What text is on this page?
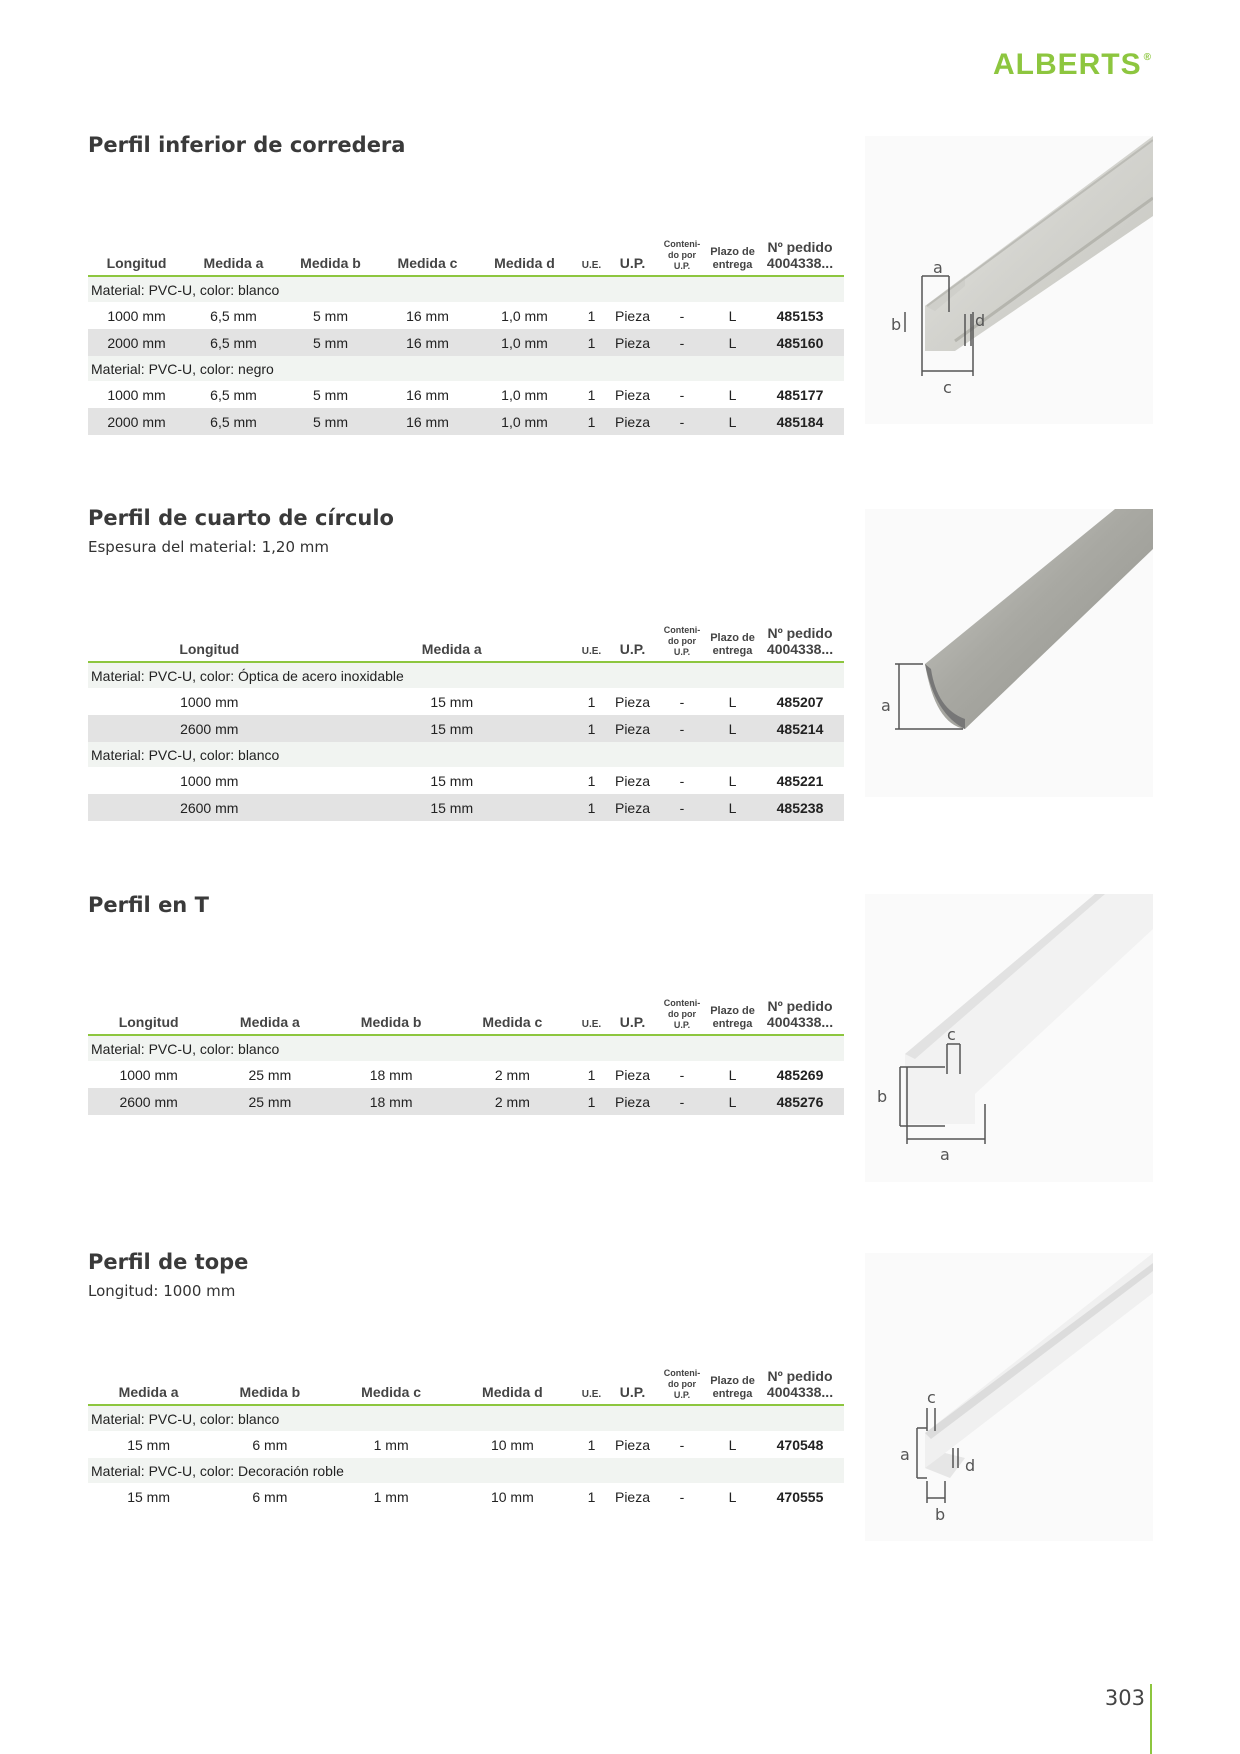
ALBERTS ®
Perfil inferior de corredera
Longitud	Medida a	Medida b	Medida c	Medida d	U.E.	U.P.	Conteni-
do por
U.P.	Plazo de
entrega	Nº pedido
4004338...

Material: PVC-U, color: blanco									
1000 mm	6,5 mm	5 mm	16 mm	1,0 mm	1	Pieza	-	L	485153
2000 mm	6,5 mm	5 mm	16 mm	1,0 mm	1	Pieza	-	L	485160
Material: PVC-U, color: negro									
1000 mm	6,5 mm	5 mm	16 mm	1,0 mm	1	Pieza	-	L	485177
2000 mm	6,5 mm	5 mm	16 mm	1,0 mm	1	Pieza	-	L	485184
a
b
c
d
Perfil de cuarto de círculo
Espesura del material: 1,20 mm
Longitud	Medida a	U.E.	U.P.	Conteni-
do por
U.P.	Plazo de
entrega	Nº pedido
4004338...

Material: PVC-U, color: Óptica de acero inoxidable						
1000 mm	15 mm	1	Pieza	-	L	485207
2600 mm	15 mm	1	Pieza	-	L	485214
Material: PVC-U, color: blanco						
1000 mm	15 mm	1	Pieza	-	L	485221
2600 mm	15 mm	1	Pieza	-	L	485238
a
Perfil en T
Longitud	Medida a	Medida b	Medida c	U.E.	U.P.	Conteni-
do por
U.P.	Plazo de
entrega	Nº pedido
4004338...

Material: PVC-U, color: blanco								
1000 mm	25 mm	18 mm	2 mm	1	Pieza	-	L	485269
2600 mm	25 mm	18 mm	2 mm	1	Pieza	-	L	485276
c
b
a
Perfil de tope
Longitud: 1000 mm
Medida a	Medida b	Medida c	Medida d	U.E.	U.P.	Conteni-
do por
U.P.	Plazo de
entrega	Nº pedido
4004338...

Material: PVC-U, color: blanco								
15 mm	6 mm	1 mm	10 mm	1	Pieza	-	L	470548
Material: PVC-U, color: Decoración roble								
15 mm	6 mm	1 mm	10 mm	1	Pieza	-	L	470555
c
a
d
b
303
